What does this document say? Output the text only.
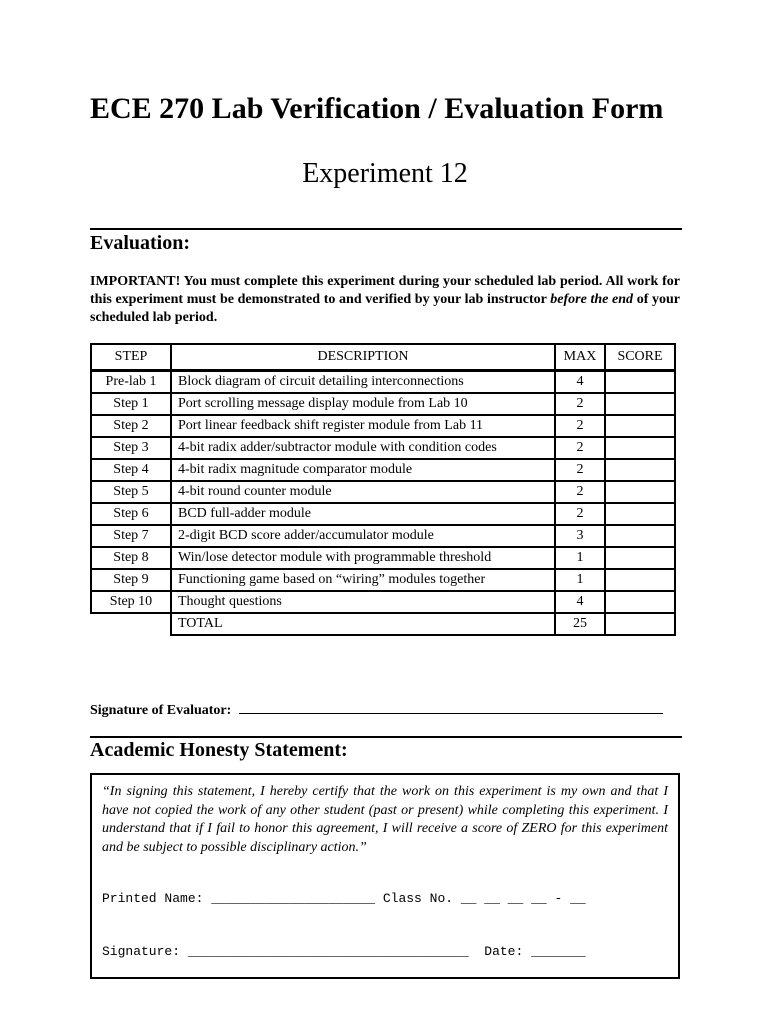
ECE 270 Lab Verification / Evaluation Form
Experiment 12
Evaluation:
IMPORTANT! You must complete this experiment during your scheduled lab period. All work for this experiment must be demonstrated to and verified by your lab instructor before the end of your scheduled lab period.
STEP	DESCRIPTION	MAX	SCORE
Pre-lab 1	Block diagram of circuit detailing interconnections	4	
Step 1	Port scrolling message display module from Lab 10	2	
Step 2	Port linear feedback shift register module from Lab 11	2	
Step 3	4-bit radix adder/subtractor module with condition codes	2	
Step 4	4-bit radix magnitude comparator module	2	
Step 5	4-bit round counter module	2	
Step 6	BCD full-adder module	2	
Step 7	2-digit BCD score adder/accumulator module	3	
Step 8	Win/lose detector module with programmable threshold	1	
Step 9	Functioning game based on “wiring” modules together	1	
Step 10	Thought questions	4	
	TOTAL	25	
Signature of Evaluator:
Academic Honesty Statement:
“In signing this statement, I hereby certify that the work on this experiment is my own and that I have not copied the work of any other student (past or present) while completing this experiment. I understand that if I fail to honor this agreement, I will receive a score of ZERO for this experiment and be subject to possible disciplinary action.”
Printed Name: _____________________ Class No. __ __ __ __ - __
Signature: ____________________________________  Date: _______
